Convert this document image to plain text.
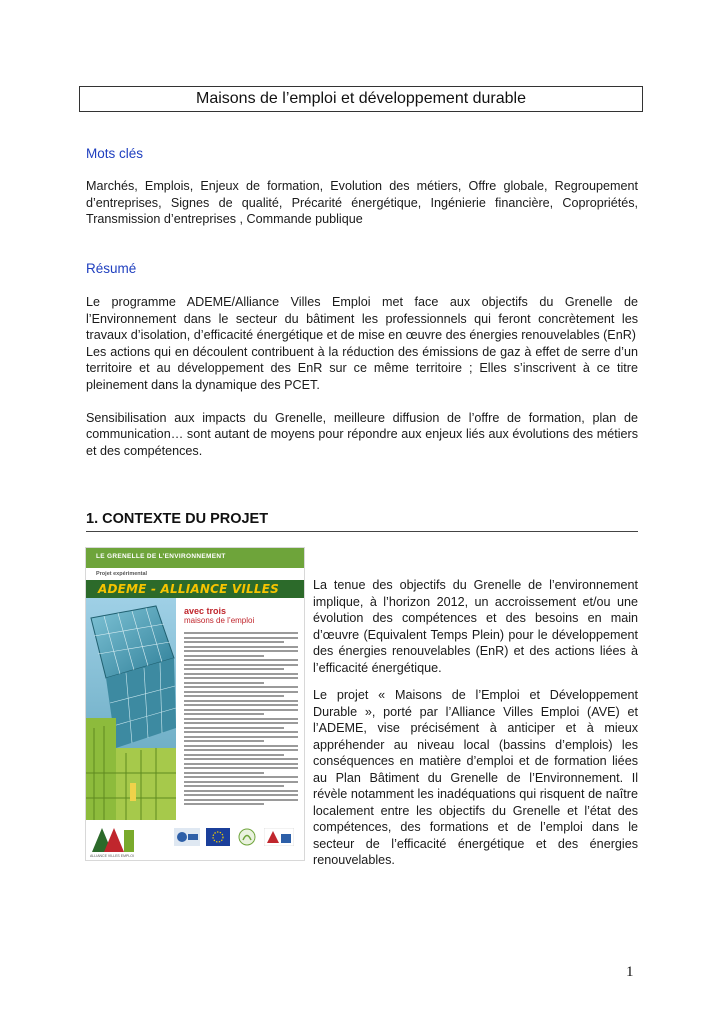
Maisons de l’emploi et développement durable
Mots clés

Marchés, Emplois, Enjeux de formation, Evolution des métiers, Offre globale, Regroupement d’entreprises, Signes de qualité, Précarité énergétique, Ingénierie financière, Copropriétés, Transmission d’entreprises , Commande publique

Résumé

Le programme ADEME/Alliance Villes Emploi met face aux objectifs du Grenelle de l’Environnement dans le secteur du bâtiment les professionnels qui feront concrètement les travaux d’isolation, d’efficacité énergétique et de mise en œuvre des énergies renouvelables (EnR)

Les actions qui en découlent contribuent à la réduction des émissions de gaz à effet de serre d’un territoire et au développement des EnR sur ce même territoire ; Elles s’inscrivent à ce titre pleinement dans la dynamique des PCET.

Sensibilisation aux impacts du Grenelle, meilleure diffusion de l’offre de formation, plan de communication… sont autant de moyens pour répondre aux enjeux liés aux évolutions des métiers et des compétences.

1. CONTEXTE DU PROJET
LE GRENELLE DE L’ENVIRONNEMENT
Projet expérimental
ADEME - ALLIANCE VILLES
avec trois
maisons de l’emploi
ALLIANCE VILLES EMPLOI

La tenue des objectifs du Grenelle de l’environnement implique, à l’horizon 2012, un accroissement et/ou une évolution des compétences et des besoins en main d’œuvre (Equivalent Temps Plein) pour le développement des énergies renouvelables (EnR) et des actions liées à l’efficacité énergétique.

Le projet « Maisons de l’Emploi et Développement Durable », porté par l’Alliance Villes Emploi (AVE) et l’ADEME, vise précisément à anticiper et à mieux appréhender au niveau local (bassins d’emplois) les conséquences en matière d’emploi et de formation liées au Plan Bâtiment du Grenelle de l’Environnement. Il révèle notamment les inadéquations qui risquent de naître localement entre les objectifs du Grenelle et l’état des compétences, des formations et de l’emploi dans le secteur de l’efficacité énergétique et des énergies renouvelables.

1
